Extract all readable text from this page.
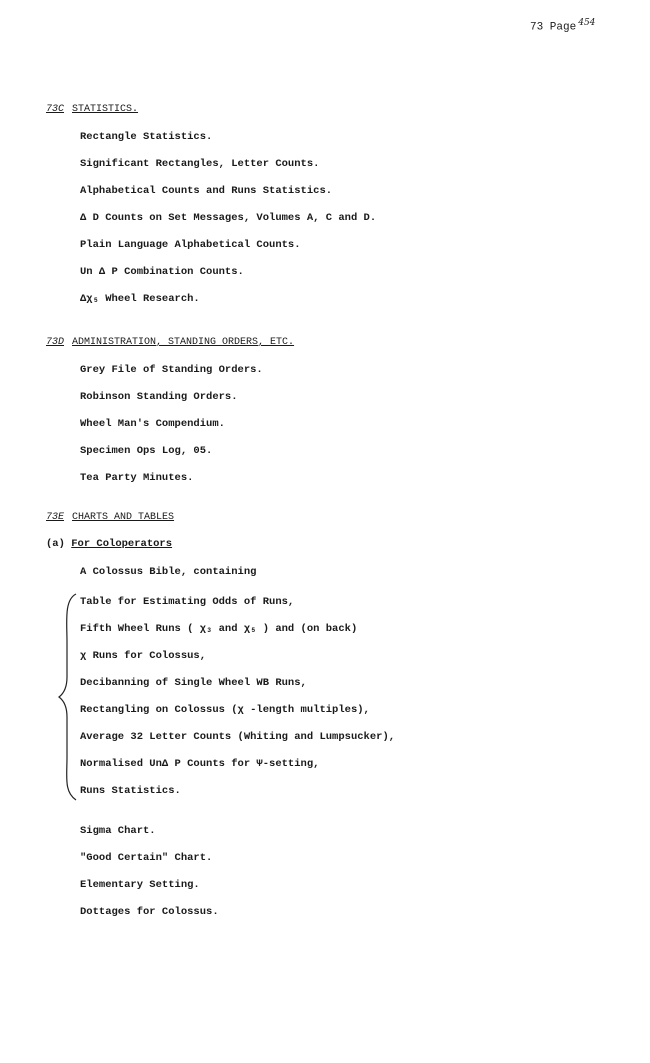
73 Page $^{454}$
73C STATISTICS.
Rectangle Statistics.
Significant Rectangles, Letter Counts.
Alphabetical Counts and Runs Statistics.
Δ D Counts on Set Messages, Volumes A, C and D.
Plain Language Alphabetical Counts.
Un Δ P Combination Counts.
Δχ₅ Wheel Research.
73D ADMINISTRATION, STANDING ORDERS, ETC.
Grey File of Standing Orders.
Robinson Standing Orders.
Wheel Man's Compendium.
Specimen Ops Log, 05.
Tea Party Minutes.
73E CHARTS AND TABLES
(a) For Coloperators
A Colossus Bible, containing
Table for Estimating Odds of Runs,
Fifth Wheel Runs ( χ₃ and χ₅ ) and (on back)
χ Runs for Colossus,
Decibanning of Single Wheel WB Runs,
Rectangling on Colossus (χ -length multiples),
Average 32 Letter Counts (Whiting and Lumpsucker),
Normalised UnΔ P Counts for Ψ-setting,
Runs Statistics.
Sigma Chart.
"Good Certain" Chart.
Elementary Setting.
Dottages for Colossus.
